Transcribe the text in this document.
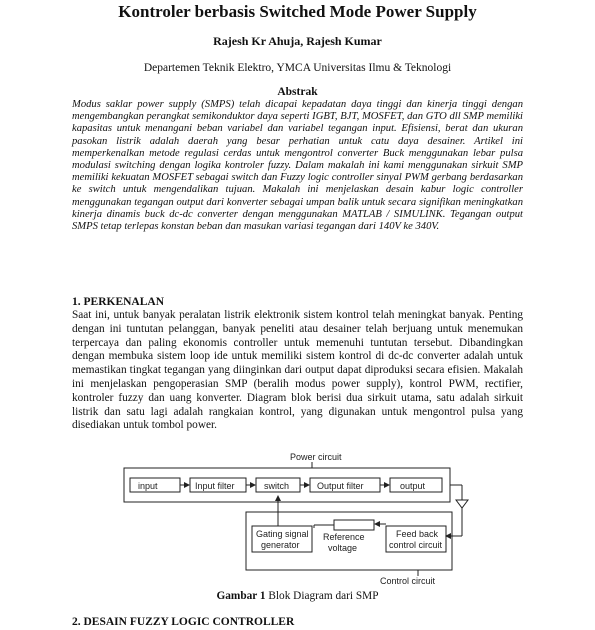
Kontroler berbasis Switched Mode Power Supply
Rajesh Kr Ahuja, Rajesh Kumar
Departemen Teknik Elektro, YMCA Universitas Ilmu & Teknologi
Abstrak

Modus saklar power supply (SMPS) telah dicapai kepadatan daya tinggi dan kinerja tinggi dengan mengembangkan perangkat semikonduktor daya seperti IGBT, BJT, MOSFET, dan GTO dll SMP memiliki kapasitas untuk menangani beban variabel dan variabel tegangan input. Efisiensi, berat dan ukuran pasokan listrik adalah daerah yang besar perhatian untuk catu daya desainer. Artikel ini memperkenalkan metode regulasi cerdas untuk mengontrol converter Buck menggunakan lebar pulsa modulasi switching dengan logika kontroler fuzzy. Dalam makalah ini kami menggunakan sirkuit SMP memiliki kekuatan MOSFET sebagai switch dan Fuzzy logic controller sinyal PWM gerbang berdasarkan ke switch untuk mengendalikan tujuan. Makalah ini menjelaskan desain kabur logic controller menggunakan tegangan output dari konverter sebagai umpan balik untuk secara signifikan meningkatkan kinerja dinamis buck dc-dc converter dengan menggunakan MATLAB / SIMULINK. Tegangan output SMPS tetap terlepas konstan beban dan masukan variasi tegangan dari 140V ke 340V.

1. PERKENALAN

Saat ini, untuk banyak peralatan listrik elektronik sistem kontrol telah meningkat banyak. Penting dengan ini tuntutan pelanggan, banyak peneliti atau desainer telah berjuang untuk menemukan terpercaya dan paling ekonomis controller untuk memenuhi tuntutan tersebut. Dibandingkan dengan membuka sistem loop ide untuk memiliki sistem kontrol di dc-dc converter adalah untuk memastikan tingkat tegangan yang diinginkan dari output dapat diproduksi secara efisien. Makalah ini menjelaskan pengoperasian SMP (beralih modus power supply), kontrol PWM, rectifier, kontroler fuzzy dan uang konverter. Diagram blok berisi dua sirkuit utama, satu adalah sirkuit listrik dan satu lagi adalah rangkaian kontrol, yang digunakan untuk mengontrol pulsa yang disediakan untuk tombol power.

Power circuit
input	Input filter	switch	Output filter	output
Gating signal
generator
Reference
voltage
Feed back
control circuit
Control circuit
Gambar 1 Blok Diagram dari SMP
2. DESAIN FUZZY LOGIC CONTROLLER
